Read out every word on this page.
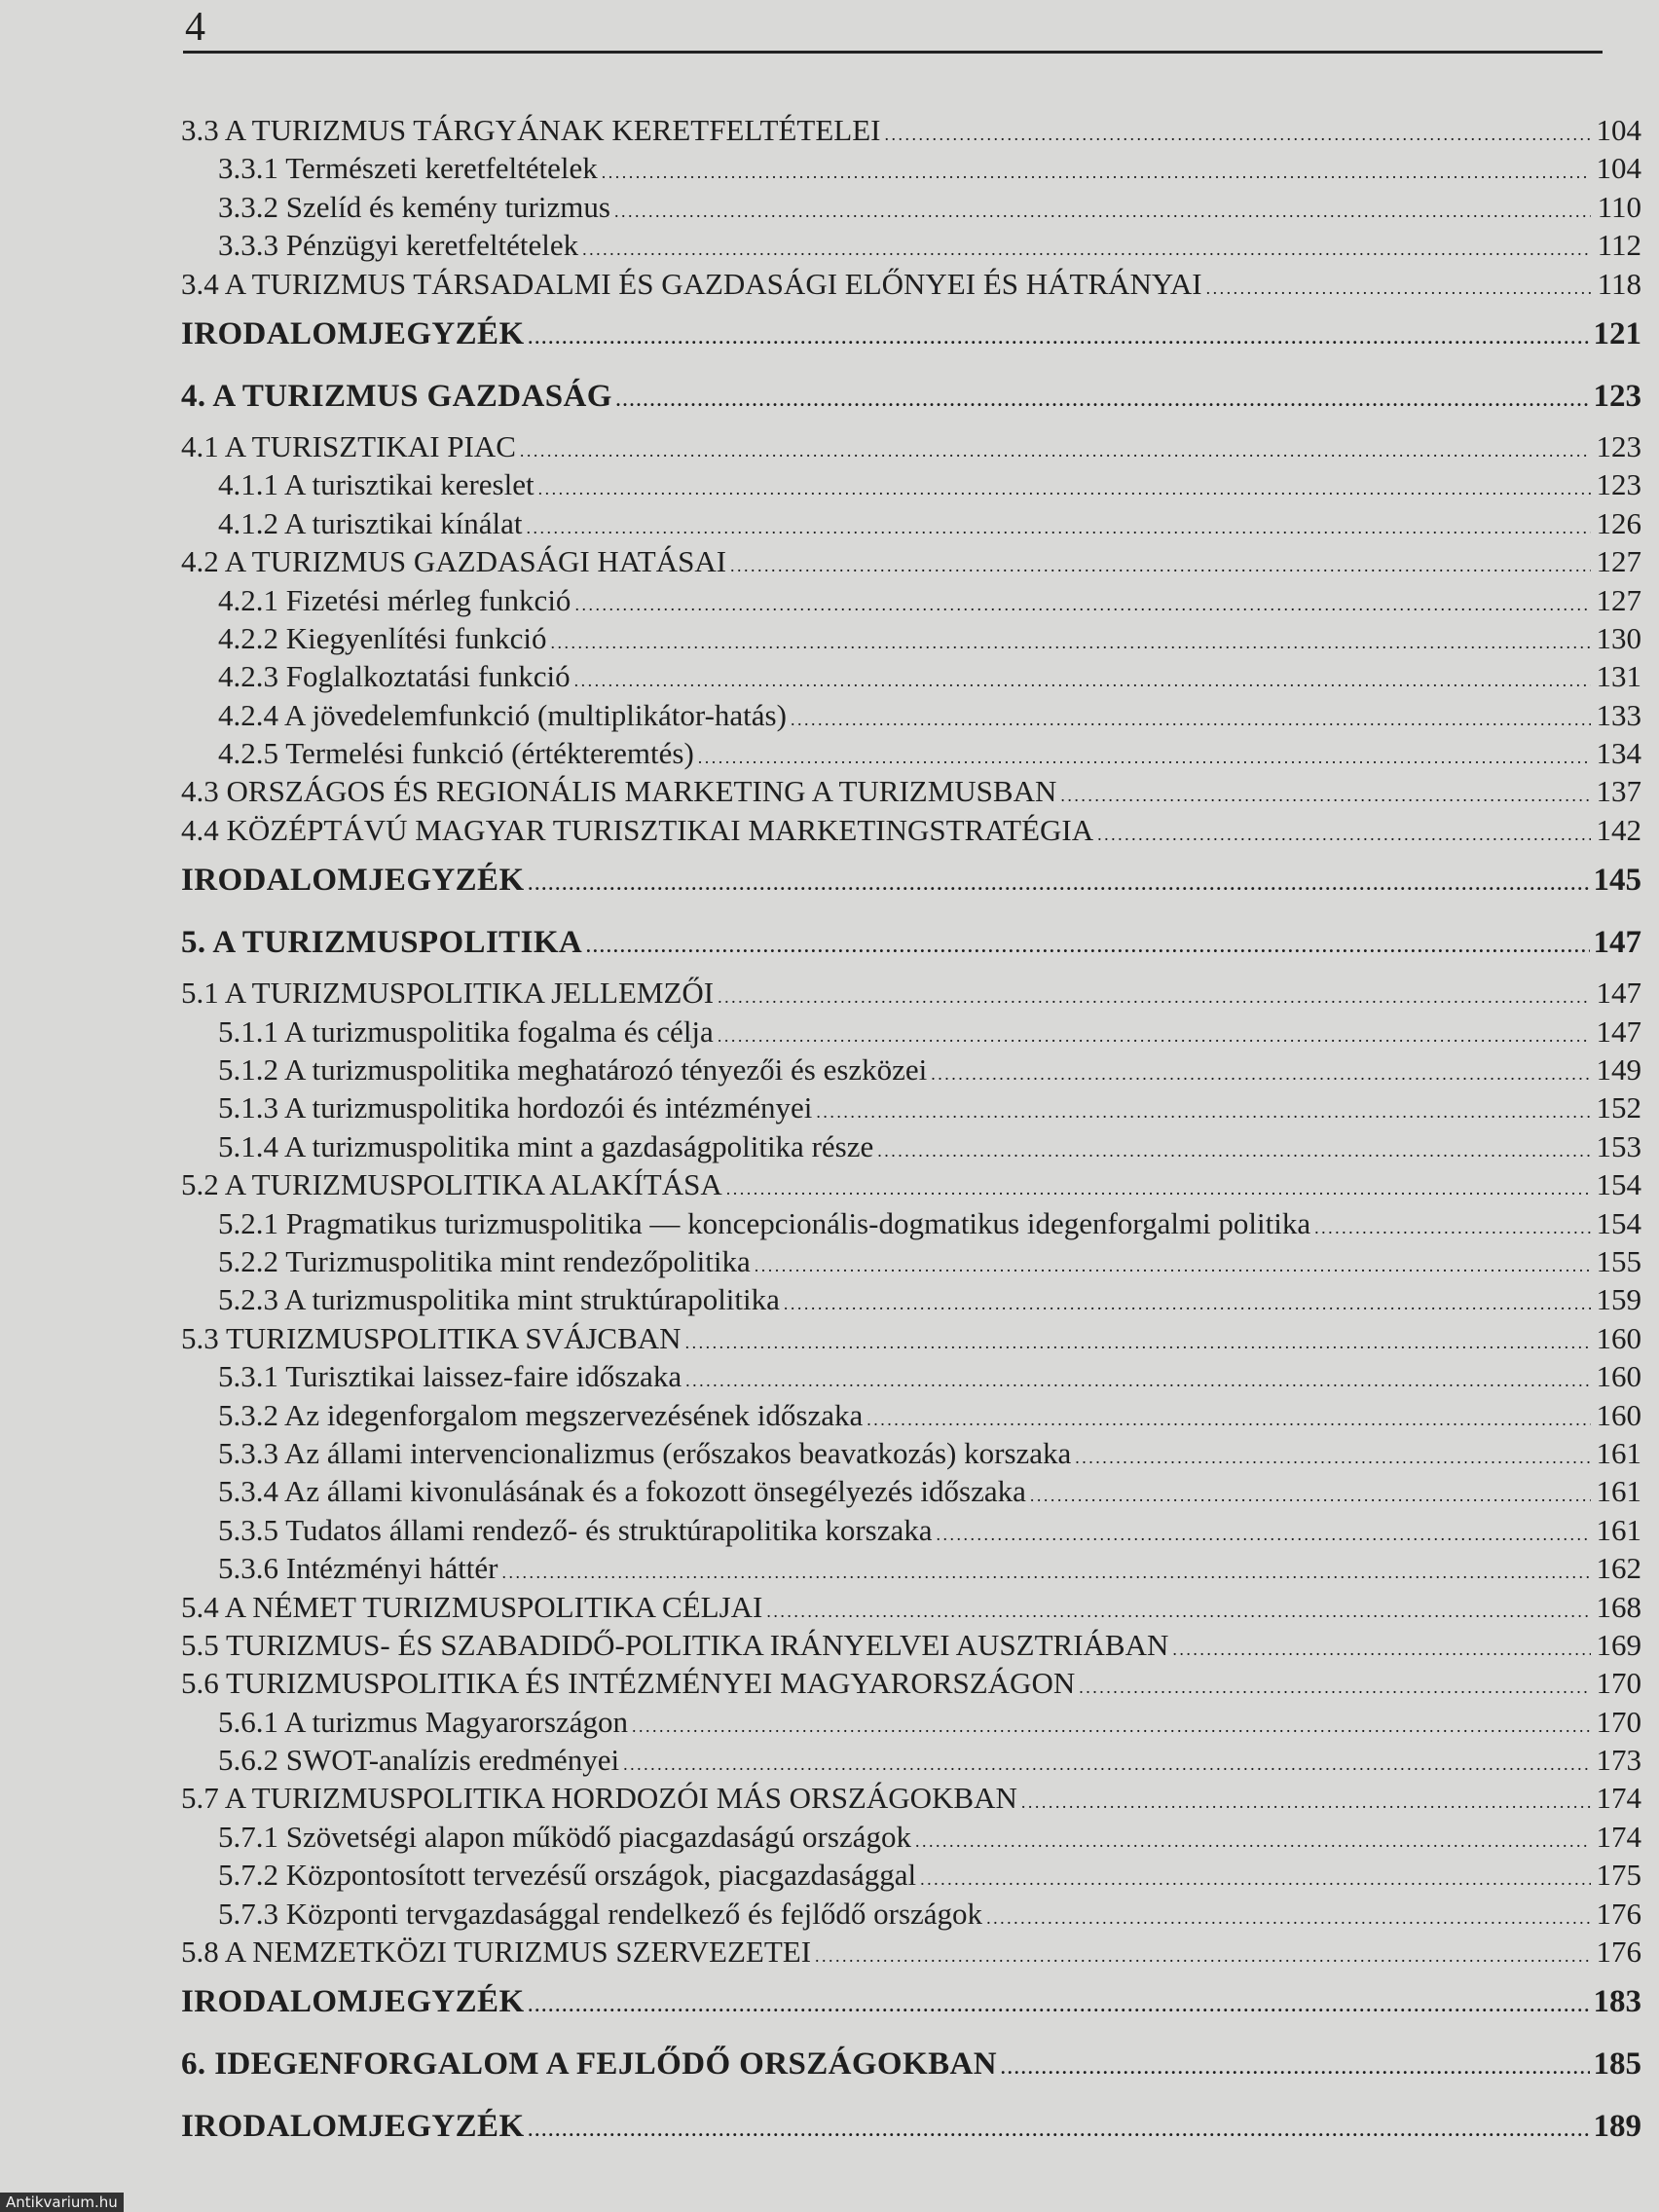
4
3.3 A TURIZMUS TÁRGYÁNAK KERETFELTÉTELEI . . .	104
3.3.1 Természeti keretfeltételek . . .	104
3.3.2 Szelíd és kemény turizmus . . .	110
3.3.3 Pénzügyi keretfeltételek . . .	112
3.4 A TURIZMUS TÁRSADALMI ÉS GAZDASÁGI ELŐNYEI ÉS HÁTRÁNYAI . . .	118
IRODALOMJEGYZÉK . . .	121
4. A TURIZMUS GAZDASÁG . . .	123
4.1 A TURISZTIKAI PIAC . . .	123
4.1.1 A turisztikai kereslet . . .	123
4.1.2 A turisztikai kínálat . . .	126
4.2 A TURIZMUS GAZDASÁGI HATÁSAI . . .	127
4.2.1 Fizetési mérleg funkció . . .	127
4.2.2 Kiegyenlítési funkció . . .	130
4.2.3 Foglalkoztatási funkció . . .	131
4.2.4 A jövedelemfunkció (multiplikátor-hatás) . . .	133
4.2.5 Termelési funkció (értékteremtés) . . .	134
4.3 ORSZÁGOS ÉS REGIONÁLIS MARKETING A TURIZMUSBAN . . .	137
4.4 KÖZÉPTÁVÚ MAGYAR TURISZTIKAI MARKETINGSTRATÉGIA . . .	142
IRODALOMJEGYZÉK . . .	145
5. A TURIZMUSPOLITIKA . . .	147
5.1 A TURIZMUSPOLITIKA JELLEMZŐI . . .	147
5.1.1 A turizmuspolitika fogalma és célja . . .	147
5.1.2 A turizmuspolitika meghatározó tényezői és eszközei . . .	149
5.1.3 A turizmuspolitika hordozói és intézményei . . .	152
5.1.4 A turizmuspolitika mint a gazdaságpolitika része . . .	153
5.2 A TURIZMUSPOLITIKA ALAKÍTÁSA . . .	154
5.2.1 Pragmatikus turizmuspolitika — koncepcionális-dogmatikus idegenforgalmi politika . . .	154
5.2.2 Turizmuspolitika mint rendezőpolitika . . .	155
5.2.3 A turizmuspolitika mint struktúrapolitika . . .	159
5.3 TURIZMUSPOLITIKA SVÁJCBAN . . .	160
5.3.1 Turisztikai laissez-faire időszaka . . .	160
5.3.2 Az idegenforgalom megszervezésének időszaka . . .	160
5.3.3 Az állami intervencionalizmus (erőszakos beavatkozás) korszaka . . .	161
5.3.4 Az állami kivonulásának és a fokozott önsegélyezés időszaka . . .	161
5.3.5 Tudatos állami rendező- és struktúrapolitika korszaka . . .	161
5.3.6 Intézményi háttér . . .	162
5.4 A NÉMET TURIZMUSPOLITIKA CÉLJAI . . .	168
5.5 TURIZMUS- ÉS SZABADIDŐ-POLITIKA IRÁNYELVEI AUSZTRIÁBAN . . .	169
5.6 TURIZMUSPOLITIKA ÉS INTÉZMÉNYEI MAGYARORSZÁGON . . .	170
5.6.1 A turizmus Magyarországon . . .	170
5.6.2 SWOT-analízis eredményei . . .	173
5.7 A TURIZMUSPOLITIKA HORDOZÓI MÁS ORSZÁGOKBAN . . .	174
5.7.1 Szövetségi alapon működő piacgazdaságú országok . . .	174
5.7.2 Központosított tervezésű országok, piacgazdasággal . . .	175
5.7.3 Központi tervgazdasággal rendelkező és fejlődő országok . . .	176
5.8 A NEMZETKÖZI TURIZMUS SZERVEZETEI . . .	176
IRODALOMJEGYZÉK . . .	183
6. IDEGENFORGALOM A FEJLŐDŐ ORSZÁGOKBAN . . .	185
IRODALOMJEGYZÉK . . .	189
Antikvarium.hu
